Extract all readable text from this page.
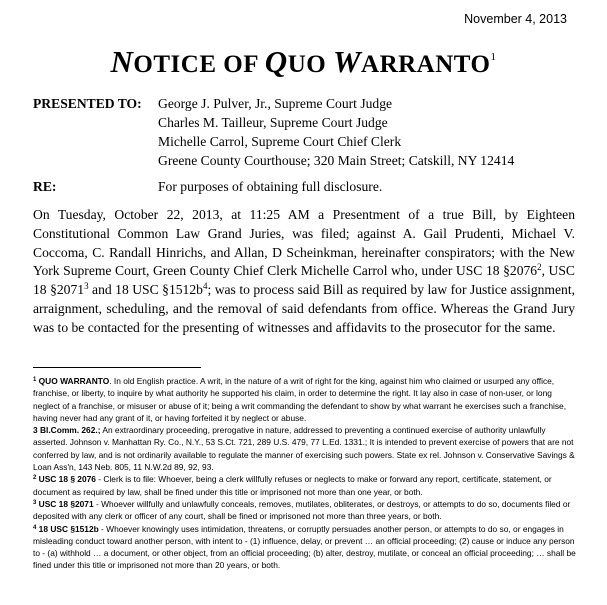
November 4, 2013
NOTICE OF QUO WARRANTO$^1$
PRESENTED TO: George J. Pulver, Jr., Supreme Court Judge
Charles M. Tailleur, Supreme Court Judge
Michelle Carrol, Supreme Court Chief Clerk
Greene County Courthouse; 320 Main Street; Catskill, NY 12414
RE:	For purposes of obtaining full disclosure.
On Tuesday, October 22, 2013, at 11:25 AM a Presentment of a true Bill, by Eighteen Constitutional Common Law Grand Juries, was filed; against A. Gail Prudenti, Michael V. Coccoma, C. Randall Hinrichs, and Allan, D Scheinkman, hereinafter conspirators; with the New York Supreme Court, Green County Chief Clerk Michelle Carrol who, under USC 18 §2076$^2$, USC 18 §2071$^3$ and 18 USC $\S 1512b^4$; was to process said Bill as required by law for Justice assignment, arraignment, scheduling, and the removal of said defendants from office. Whereas the Grand Jury was to be contacted for the presenting of witnesses and affidavits to the prosecutor for the same.

$^1$ QUO WARRANTO. In old English practice. A writ, in the nature of a writ of right for the king, against him who claimed or usurped any office, franchise, or liberty, to inquire by what authority he supported his claim, in order to determine the right. It lay also in case of non-user, or long neglect of a franchise, or misuser or abuse of it; being a writ commanding the defendant to show by what warrant he exercises such a franchise, having never had any grant of it, or having forfeited it by neglect or abuse.
3 Bl.Comm. 262.; An extraordinary proceeding, prerogative in nature, addressed to preventing a continued exercise of authority unlawfully asserted. Johnson v. Manhattan Ry. Co., N.Y., 53 S.Ct. 721, 289 U.S. 479, 77 L.Ed. 1331.; It is intended to prevent exercise of powers that are not conferred by law, and is not ordinarily available to regulate the manner of exercising such powers. State ex rel. Johnson v. Conservative Savings & Loan Ass'n, 143 Neb. 805, 11 N.W.2d 89, 92, 93.

$^2$ USC 18 § 2076 - Clerk is to file: Whoever, being a clerk willfully refuses or neglects to make or forward any report, certificate, statement, or document as required by law, shall be fined under this title or imprisoned not more than one year, or both.

$^3$ USC 18 §2071 - Whoever willfully and unlawfully conceals, removes, mutilates, obliterates, or destroys, or attempts to do so, documents filed or deposited with any clerk or officer of any court, shall be fined or imprisoned not more than three years, or both.

$^4$ 18 USC §1512b - Whoever knowingly uses intimidation, threatens, or corruptly persuades another person, or attempts to do so, or engages in misleading conduct toward another person, with intent to - (1) influence, delay, or prevent … an official proceeding; (2) cause or induce any person to - (a) withhold … a document, or other object, from an official proceeding; (b) alter, destroy, mutilate, or conceal an official proceeding; … shall be fined under this title or imprisoned not more than 20 years, or both.
